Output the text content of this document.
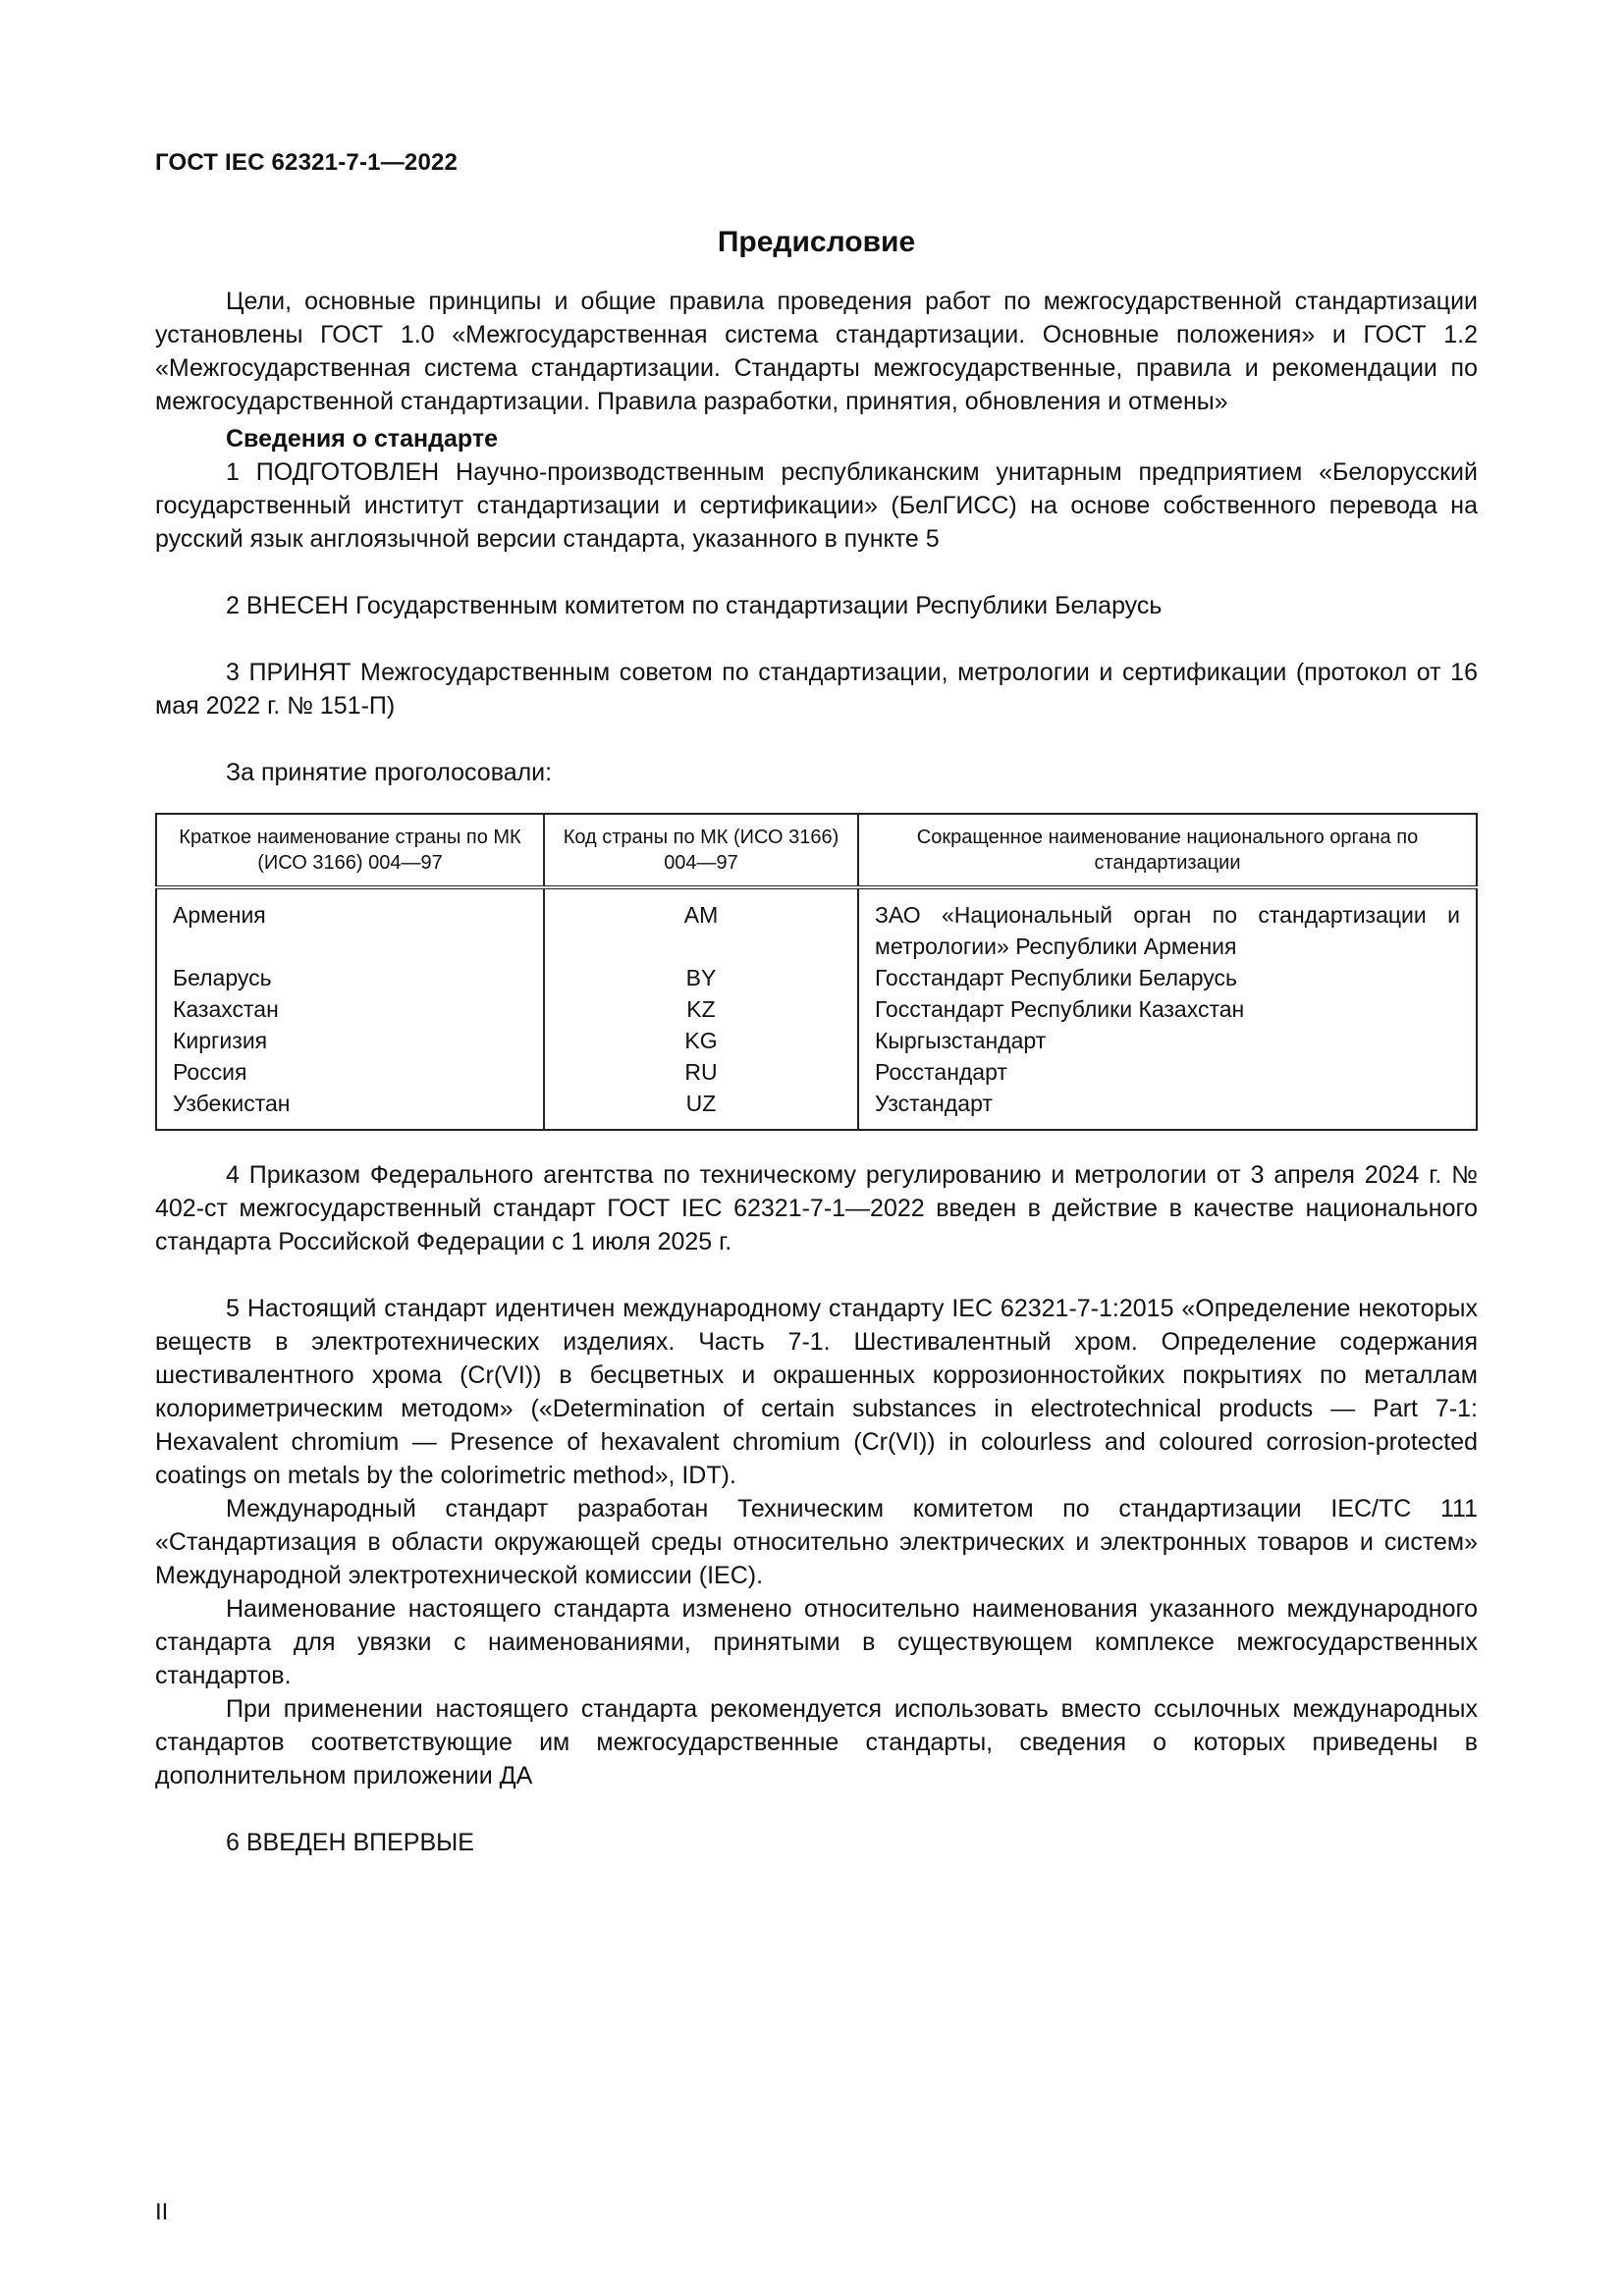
ГОСТ IEC 62321-7-1—2022
Предисловие

Цели, основные принципы и общие правила проведения работ по межгосударственной стандартизации установлены ГОСТ 1.0 «Межгосударственная система стандартизации. Основные положения» и ГОСТ 1.2 «Межгосударственная система стандартизации. Стандарты межгосударственные, правила и рекомендации по межгосударственной стандартизации. Правила разработки, принятия, обновления и отмены»

Сведения о стандарте

1 ПОДГОТОВЛЕН Научно-производственным республиканским унитарным предприятием «Белорусский государственный институт стандартизации и сертификации» (БелГИСС) на основе собственного перевода на русский язык англоязычной версии стандарта, указанного в пункте 5

2 ВНЕСЕН Государственным комитетом по стандартизации Республики Беларусь

3 ПРИНЯТ Межгосударственным советом по стандартизации, метрологии и сертификации (протокол от 16 мая 2022 г. № 151-П)

За принятие проголосовали:

Краткое наименование страны по МК (ИСО 3166) 004—97	Код страны по МК (ИСО 3166) 004—97	Сокращенное наименование национального органа по стандартизации
Армения	AM	ЗАО «Национальный орган по стандартизации и метрологии» Республики Армения
Беларусь	BY	Госстандарт Республики Беларусь
Казахстан	KZ	Госстандарт Республики Казахстан
Киргизия	KG	Кыргызстандарт
Россия	RU	Росстандарт
Узбекистан	UZ	Узстандарт

4 Приказом Федерального агентства по техническому регулированию и метрологии от 3 апреля 2024 г. № 402-ст межгосударственный стандарт ГОСТ IEC 62321-7-1—2022 введен в действие в качестве национального стандарта Российской Федерации с 1 июля 2025 г.

5 Настоящий стандарт идентичен международному стандарту IEC 62321-7-1:2015 «Определение некоторых веществ в электротехнических изделиях. Часть 7-1. Шестивалентный хром. Определение содержания шестивалентного хрома (Cr(VI)) в бесцветных и окрашенных коррозионностойких покрытиях по металлам колориметрическим методом» («Determination of certain substances in electrotechnical products — Part 7-1: Hexavalent chromium — Presence of hexavalent chromium (Cr(VI)) in colourless and coloured corrosion-protected coatings on metals by the colorimetric method», IDT).

Международный стандарт разработан Техническим комитетом по стандартизации IEC/TC 111 «Стандартизация в области окружающей среды относительно электрических и электронных товаров и систем» Международной электротехнической комиссии (IEC).

Наименование настоящего стандарта изменено относительно наименования указанного международного стандарта для увязки с наименованиями, принятыми в существующем комплексе межгосударственных стандартов.

При применении настоящего стандарта рекомендуется использовать вместо ссылочных международных стандартов соответствующие им межгосударственные стандарты, сведения о которых приведены в дополнительном приложении ДА

6 ВВЕДЕН ВПЕРВЫЕ

II
